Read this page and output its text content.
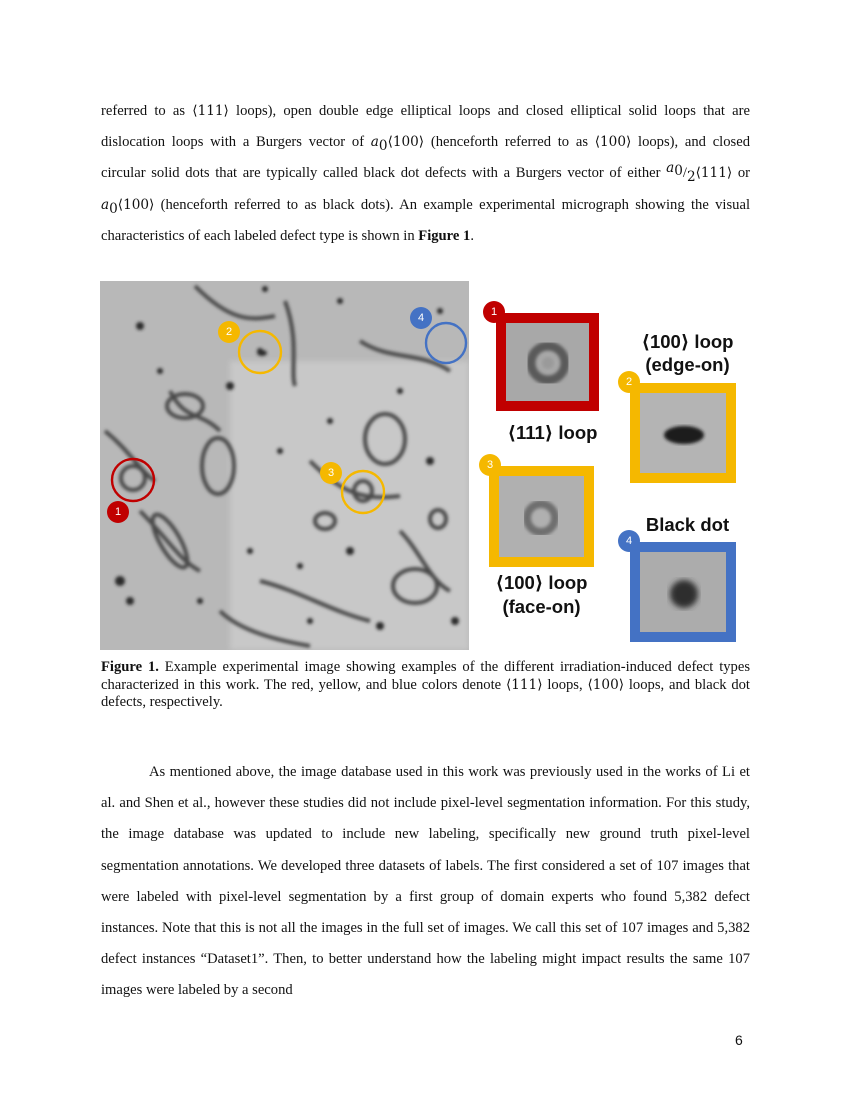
referred to as ⟨111⟩ loops), open double edge elliptical loops and closed elliptical solid loops that are dislocation loops with a Burgers vector of $a_0⟨100⟩$ (henceforth referred to as ⟨100⟩ loops), and closed circular solid dots that are typically called black dot defects with a Burgers vector of either $^{a_0}/_2⟨111⟩$ or $a_0⟨100⟩$ (henceforth referred to as black dots). An example experimental micrograph showing the visual characteristics of each labeled defect type is shown in Figure 1.

1
2
3
4	1
⟨111⟩ loop
2
⟨100⟩ loop
(edge-on)
3
⟨100⟩ loop
(face-on)
4
Black dot

Figure 1. Example experimental image showing examples of the different irradiation-induced defect types characterized in this work. The red, yellow, and blue colors denote ⟨111⟩ loops, ⟨100⟩ loops, and black dot defects, respectively.

As mentioned above, the image database used in this work was previously used in the works of Li et al. and Shen et al., however these studies did not include pixel-level segmentation information. For this study, the image database was updated to include new labeling, specifically new ground truth pixel-level segmentation annotations. We developed three datasets of labels. The first considered a set of 107 images that were labeled with pixel-level segmentation by a first group of domain experts who found 5,382 defect instances. Note that this is not all the images in the full set of images. We call this set of 107 images and 5,382 defect instances “Dataset1”. Then, to better understand how the labeling might impact results the same 107 images were labeled by a second

6
